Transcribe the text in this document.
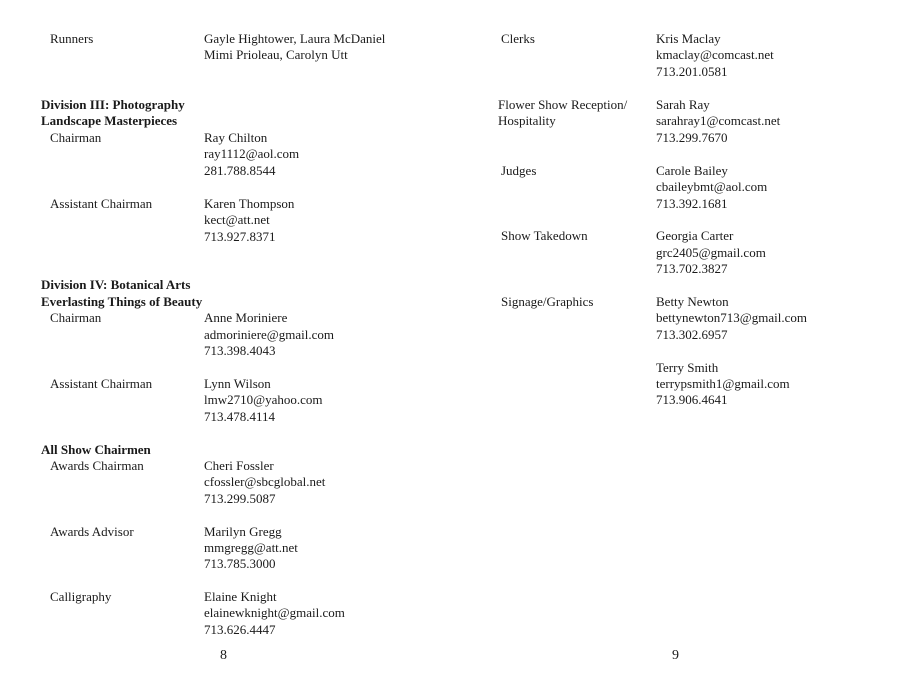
Runners	Gayle Hightower, Laura McDaniel
Mimi Prioleau, Carolyn Utt
Division III: Photography
Landscape Masterpieces
Chairman	Ray Chilton
ray1112@aol.com
281.788.8544
Assistant Chairman	Karen Thompson
kect@att.net
713.927.8371
Division IV: Botanical Arts
Everlasting Things of Beauty
Chairman	Anne Moriniere
admoriniere@gmail.com
713.398.4043
Assistant Chairman	Lynn Wilson
lmw2710@yahoo.com
713.478.4114
All Show Chairmen
Awards Chairman	Cheri Fossler
cfossler@sbcglobal.net
713.299.5087
Awards Advisor	Marilyn Gregg
mmgregg@att.net
713.785.3000
Calligraphy	Elaine Knight
elainewknight@gmail.com
713.626.4447
8
Clerks	Kris Maclay
kmaclay@comcast.net
713.201.0581
Flower Show Reception/
Hospitality
Sarah Ray
sarahray1@comcast.net
713.299.7670
Judges	Carole Bailey
cbaileybmt@aol.com
713.392.1681
Show Takedown	Georgia Carter
grc2405@gmail.com
713.702.3827
Signage/Graphics	Betty Newton
bettynewton713@gmail.com
713.302.6957
Terry Smith
terrypsmith1@gmail.com
713.906.4641
9
